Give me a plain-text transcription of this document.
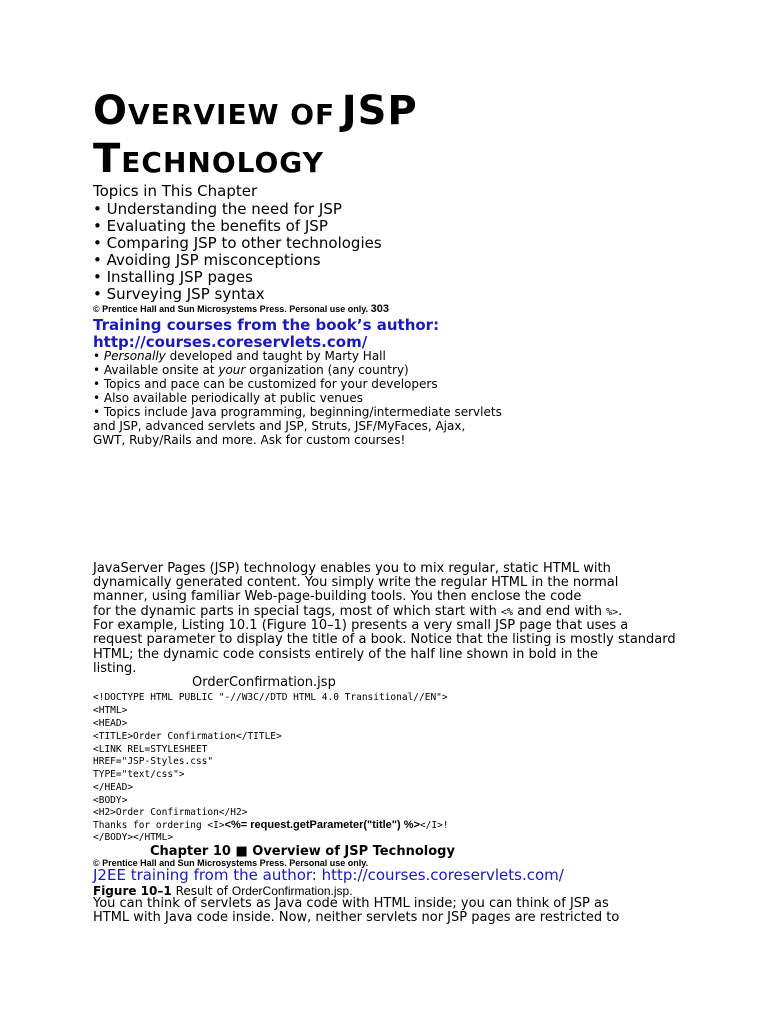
OVERVIEW OF JSP
TECHNOLOGY
Topics in This Chapter
• Understanding the need for JSP
• Evaluating the benefits of JSP
• Comparing JSP to other technologies
• Avoiding JSP misconceptions
• Installing JSP pages
• Surveying JSP syntax
© Prentice Hall and Sun Microsystems Press. Personal use only. 303
Training courses from the book’s author:
http://courses.coreservlets.com/
• Personally developed and taught by Marty Hall
• Available onsite at your organization (any country)
• Topics and pace can be customized for your developers
• Also available periodically at public venues
• Topics include Java programming, beginning/intermediate servlets
and JSP, advanced servlets and JSP, Struts, JSF/MyFaces, Ajax,
GWT, Ruby/Rails and more. Ask for custom courses!
JavaServer Pages (JSP) technology enables you to mix regular, static HTML with
dynamically generated content. You simply write the regular HTML in the normal
manner, using familiar Web-page-building tools. You then enclose the code
for the dynamic parts in special tags, most of which start with <% and end with %>.
For example, Listing 10.1 (Figure 10–1) presents a very small JSP page that uses a
request parameter to display the title of a book. Notice that the listing is mostly standard
HTML; the dynamic code consists entirely of the half line shown in bold in the
listing.
OrderConfirmation.jsp
<!DOCTYPE HTML PUBLIC "-//W3C//DTD HTML 4.0 Transitional//EN">
<HTML>
<HEAD>
<TITLE>Order Confirmation</TITLE>
<LINK REL=STYLESHEET
HREF="JSP-Styles.css"
TYPE="text/css">
</HEAD>
<BODY>
<H2>Order Confirmation</H2>
Thanks for ordering <I><%= request.getParameter("title") %></I>!
</BODY></HTML>
Chapter 10 ■ Overview of JSP Technology
© Prentice Hall and Sun Microsystems Press. Personal use only.
J2EE training from the author: http://courses.coreservlets.com/
Figure 10–1 Result of OrderConfirmation.jsp.
You can think of servlets as Java code with HTML inside; you can think of JSP as
HTML with Java code inside. Now, neither servlets nor JSP pages are restricted to
